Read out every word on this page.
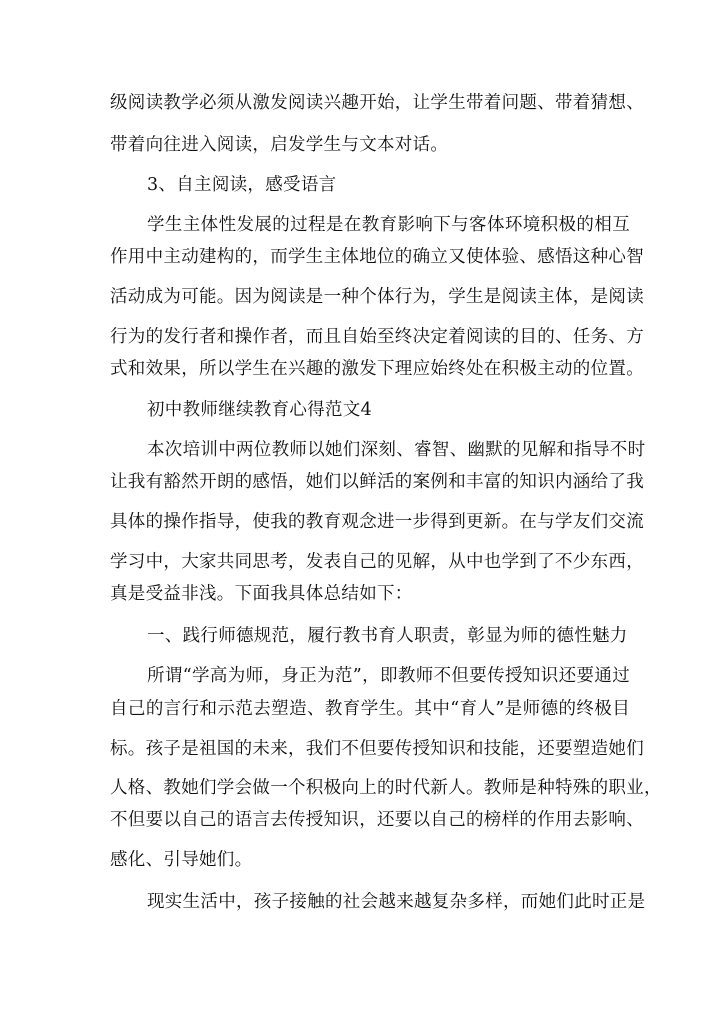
级阅读教学必须从激发阅读兴趣开始，让学生带着问题、带着猜想、
带着向往进入阅读，启发学生与文本对话。
3、自主阅读，感受语言
学生主体性发展的过程是在教育影响下与客体环境积极的相互
作用中主动建构的，而学生主体地位的确立又使体验、感悟这种心智
活动成为可能。因为阅读是一种个体行为，学生是阅读主体，是阅读
行为的发行者和操作者，而且自始至终决定着阅读的目的、任务、方
式和效果，所以学生在兴趣的激发下理应始终处在积极主动的位置。
初中教师继续教育心得范文4
本次培训中两位教师以她们深刻、睿智、幽默的见解和指导不时
让我有豁然开朗的感悟，她们以鲜活的案例和丰富的知识内涵给了我
具体的操作指导，使我的教育观念进一步得到更新。在与学友们交流
学习中，大家共同思考，发表自己的见解，从中也学到了不少东西，
真是受益非浅。下面我具体总结如下：
一、践行师德规范，履行教书育人职责，彰显为师的德性魅力
所谓“学高为师，身正为范”，即教师不但要传授知识还要通过
自己的言行和示范去塑造、教育学生。其中“育人”是师德的终极目
标。孩子是祖国的未来，我们不但要传授知识和技能，还要塑造她们
人格、教她们学会做一个积极向上的时代新人。教师是种特殊的职业，
不但要以自己的语言去传授知识，还要以自己的榜样的作用去影响、
感化、引导她们。
现实生活中，孩子接触的社会越来越复杂多样，而她们此时正是
